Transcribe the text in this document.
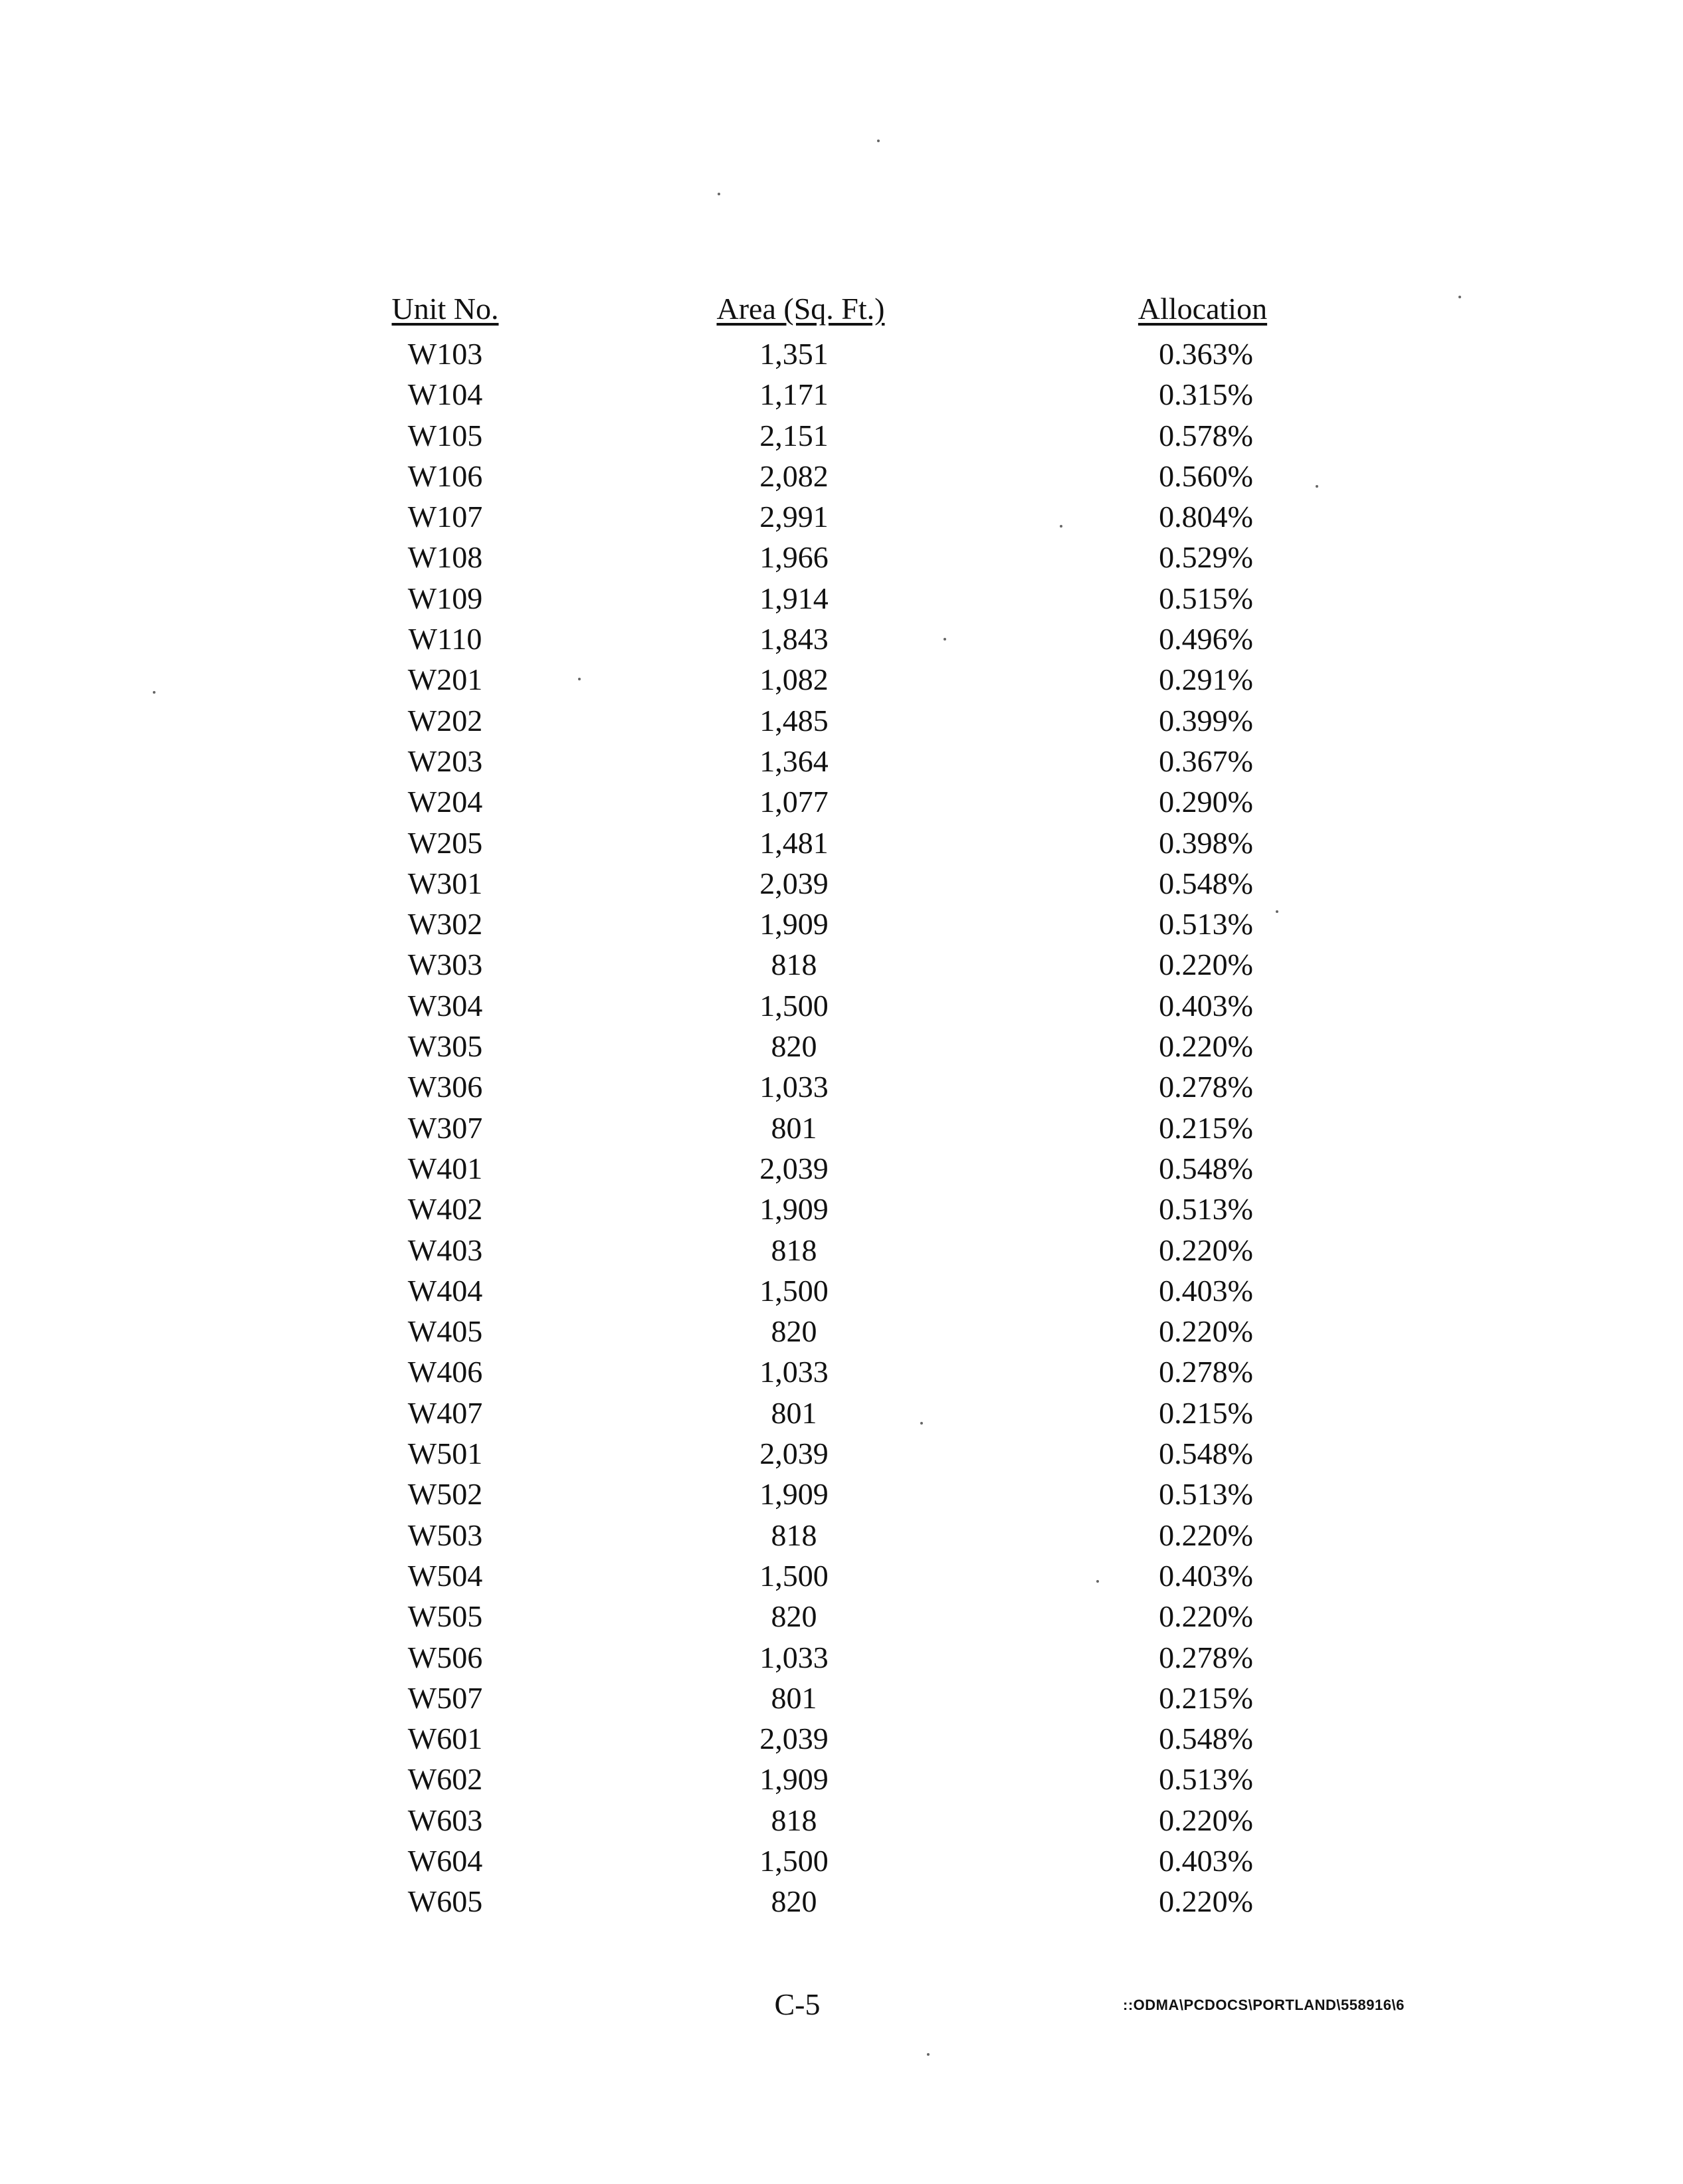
Unit No.	Area (Sq. Ft.)	Allocation
W103	1,351	0.363%
W104	1,171	0.315%
W105	2,151	0.578%
W106	2,082	0.560%
W107	2,991	0.804%
W108	1,966	0.529%
W109	1,914	0.515%
W110	1,843	0.496%
W201	1,082	0.291%
W202	1,485	0.399%
W203	1,364	0.367%
W204	1,077	0.290%
W205	1,481	0.398%
W301	2,039	0.548%
W302	1,909	0.513%
W303	818	0.220%
W304	1,500	0.403%
W305	820	0.220%
W306	1,033	0.278%
W307	801	0.215%
W401	2,039	0.548%
W402	1,909	0.513%
W403	818	0.220%
W404	1,500	0.403%
W405	820	0.220%
W406	1,033	0.278%
W407	801	0.215%
W501	2,039	0.548%
W502	1,909	0.513%
W503	818	0.220%
W504	1,500	0.403%
W505	820	0.220%
W506	1,033	0.278%
W507	801	0.215%
W601	2,039	0.548%
W602	1,909	0.513%
W603	818	0.220%
W604	1,500	0.403%
W605	820	0.220%
C-5	::ODMA\PCDOCS\PORTLAND\558916\6
